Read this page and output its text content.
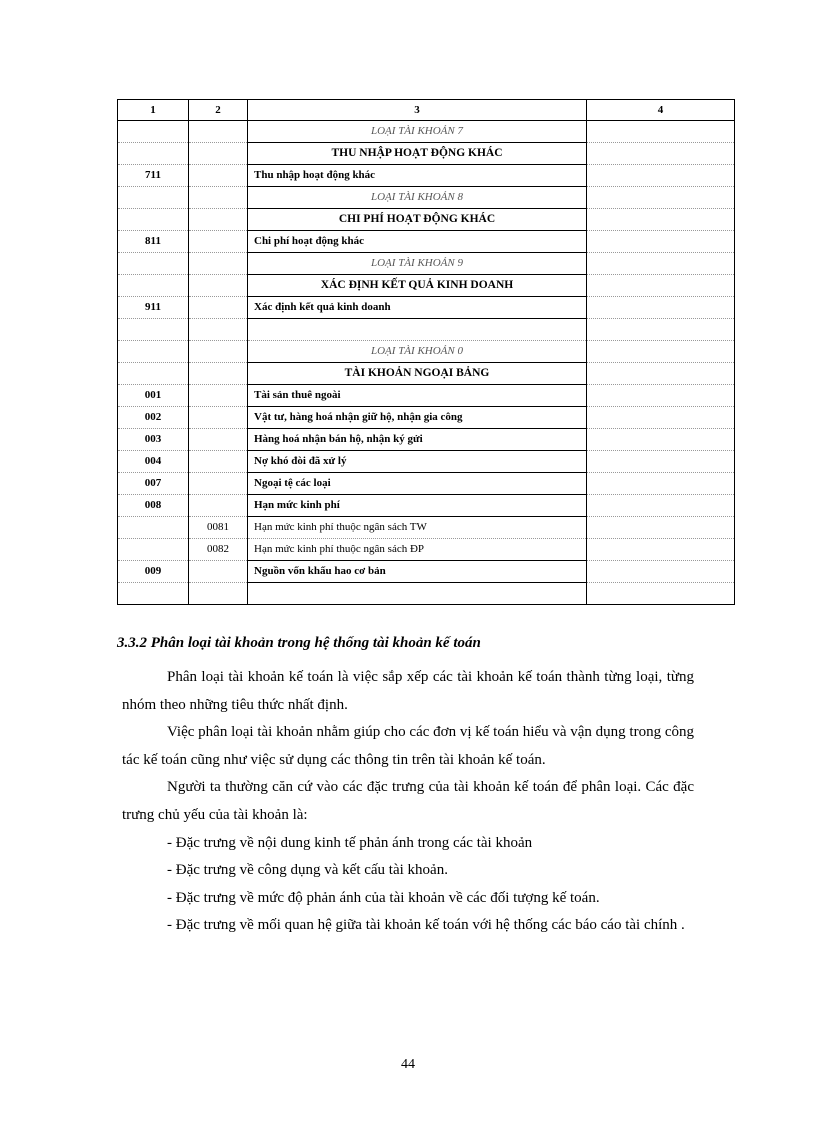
1	2	3	4
		LOẠI TÀI KHOẢN 7	
		THU NHẬP HOẠT ĐỘNG KHÁC	
711		Thu nhập hoạt động khác	
		LOẠI TÀI KHOẢN 8	
		CHI PHÍ HOẠT ĐỘNG KHÁC	
811		Chi phí hoạt động khác	
		LOẠI TÀI KHOẢN 9	
		XÁC ĐỊNH KẾT QUẢ KINH DOANH	
911		Xác định kết quả kinh doanh	

		LOẠI TÀI KHOẢN 0	
		TÀI KHOẢN NGOẠI BẢNG	
001		Tài sản thuê ngoài	
002		Vật tư, hàng hoá nhận giữ hộ, nhận gia công	
003		Hàng hoá nhận bán hộ, nhận ký gửi	
004		Nợ khó đòi đã xử lý	
007		Ngoại tệ các loại	
008		Hạn mức kinh phí	
	0081	Hạn mức kinh phí thuộc ngân sách TW	
	0082	Hạn mức kinh phí thuộc ngân sách ĐP	
009		Nguồn vốn khấu hao cơ bản	

3.3.2 Phân loại tài khoản trong hệ thống tài khoản kế toán

Phân loại tài khoản kế toán là việc sắp xếp các tài khoản kế toán thành từng loại, từng nhóm theo những tiêu thức nhất định.

Việc phân loại tài khoản nhằm giúp cho các đơn vị kế toán hiểu và vận dụng trong công tác kế toán cũng như việc sử dụng các thông tin trên tài khoản kế toán.

Người ta thường căn cứ vào các đặc trưng của tài khoản kế toán để phân loại. Các đặc trưng chủ yếu của tài khoản là:

- Đặc trưng về nội dung kinh tế phản ánh trong các tài khoản

- Đặc trưng về công dụng và kết cấu tài khoản.

- Đặc trưng về mức độ phản ánh của tài khoản về các đối tượng kế toán.

- Đặc trưng về mối quan hệ giữa tài khoản kế toán với hệ thống các báo cáo tài chính .

44
